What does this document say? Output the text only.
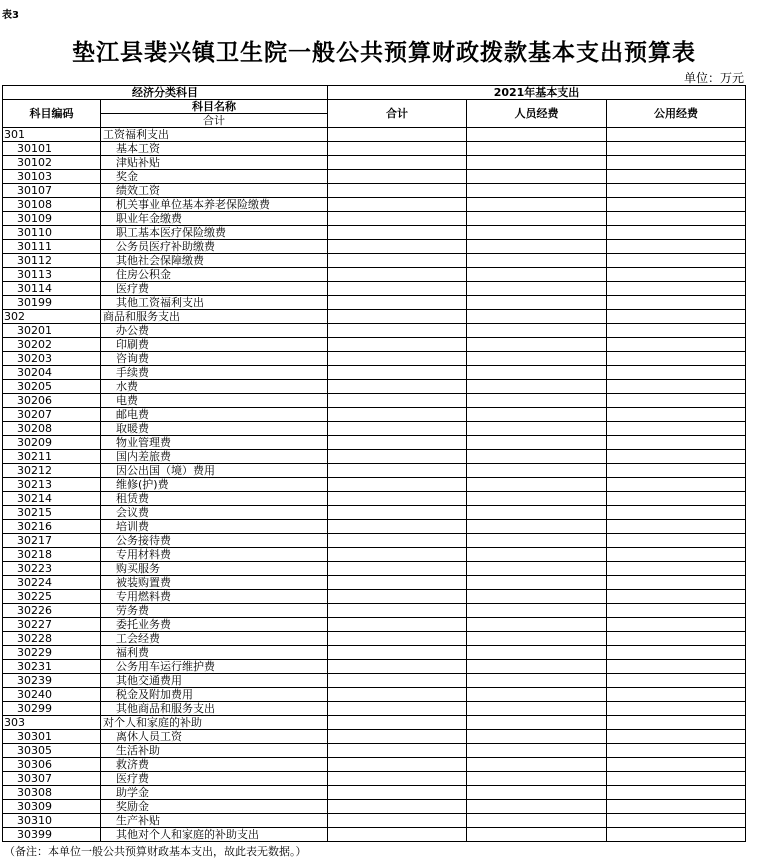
表3
垫江县裴兴镇卫生院一般公共预算财政拨款基本支出预算表
单位：万元
经济分类科目		2021年基本支出		
科目编码	科目名称	合计	人员经费	公用经费
	合计			
301	工资福利支出			
30101	基本工资			
30102	津贴补贴			
30103	奖金			
30107	绩效工资			
30108	机关事业单位基本养老保险缴费			
30109	职业年金缴费			
30110	职工基本医疗保险缴费			
30111	公务员医疗补助缴费			
30112	其他社会保障缴费			
30113	住房公积金			
30114	医疗费			
30199	其他工资福利支出			
302	商品和服务支出			
30201	办公费			
30202	印刷费			
30203	咨询费			
30204	手续费			
30205	水费			
30206	电费			
30207	邮电费			
30208	取暖费			
30209	物业管理费			
30211	国内差旅费			
30212	因公出国（境）费用			
30213	维修(护)费			
30214	租赁费			
30215	会议费			
30216	培训费			
30217	公务接待费			
30218	专用材料费			
30223	购买服务			
30224	被装购置费			
30225	专用燃料费			
30226	劳务费			
30227	委托业务费			
30228	工会经费			
30229	福利费			
30231	公务用车运行维护费			
30239	其他交通费用			
30240	税金及附加费用			
30299	其他商品和服务支出			
303	对个人和家庭的补助			
30301	离休人员工资			
30305	生活补助			
30306	救济费			
30307	医疗费			
30308	助学金			
30309	奖励金			
30310	生产补贴			
30399	其他对个人和家庭的补助支出			
（备注：本单位一般公共预算财政基本支出，故此表无数据。）
